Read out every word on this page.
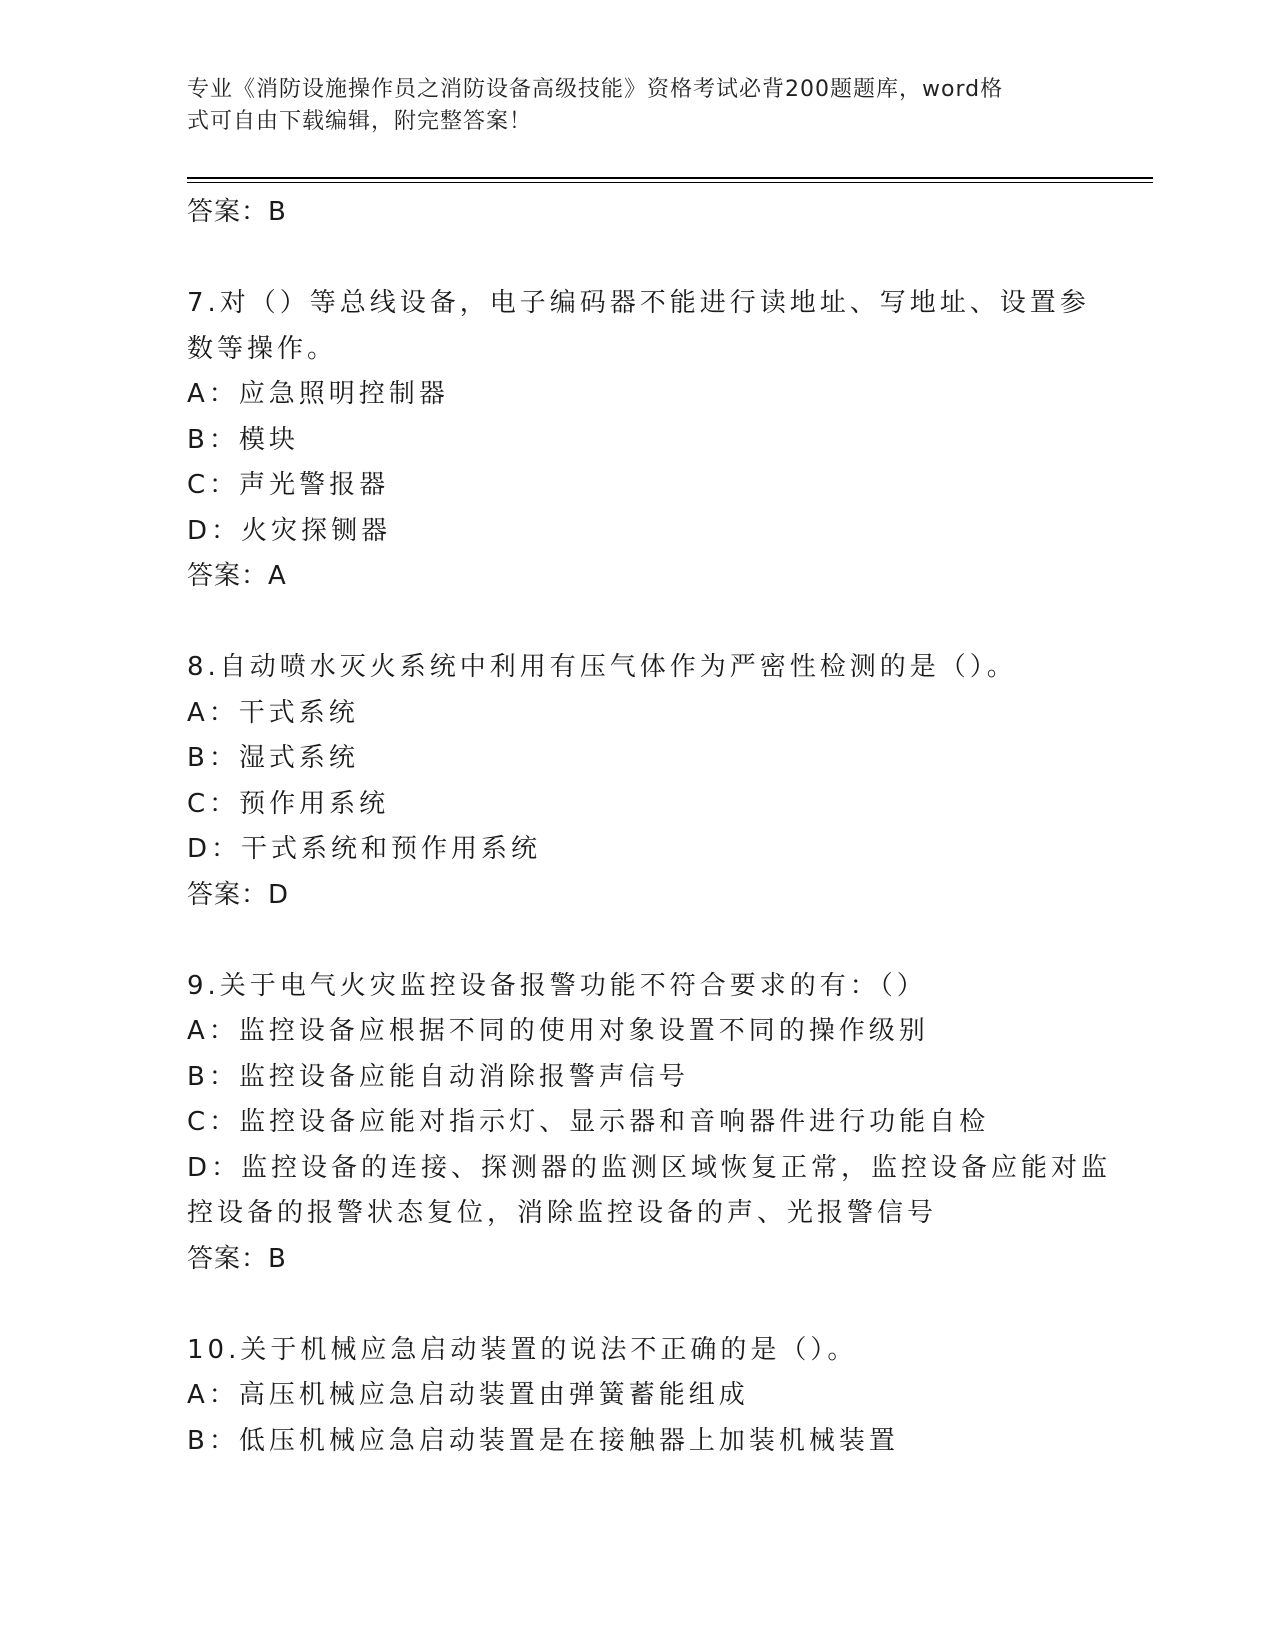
专业《消防设施操作员之消防设备高级技能》资格考试必背200题题库，word格
式可自由下载编辑，附完整答案！
答案：B
7.对（）等总线设备，电子编码器不能进行读地址、写地址、设置参
数等操作。
A：应急照明控制器
B：模块
C：声光警报器
D：火灾探铡器
答案：A
8.自动喷水灭火系统中利用有压气体作为严密性检测的是（）。
A：干式系统
B：湿式系统
C：预作用系统
D：干式系统和预作用系统
答案：D
9.关于电气火灾监控设备报警功能不符合要求的有：（）
A：监控设备应根据不同的使用对象设置不同的操作级别
B：监控设备应能自动消除报警声信号
C：监控设备应能对指示灯、显示器和音响器件进行功能自检
D：监控设备的连接、探测器的监测区域恢复正常，监控设备应能对监
控设备的报警状态复位，消除监控设备的声、光报警信号
答案：B
10.关于机械应急启动装置的说法不正确的是（）。
A：高压机械应急启动装置由弹簧蓄能组成
B：低压机械应急启动装置是在接触器上加装机械装置
